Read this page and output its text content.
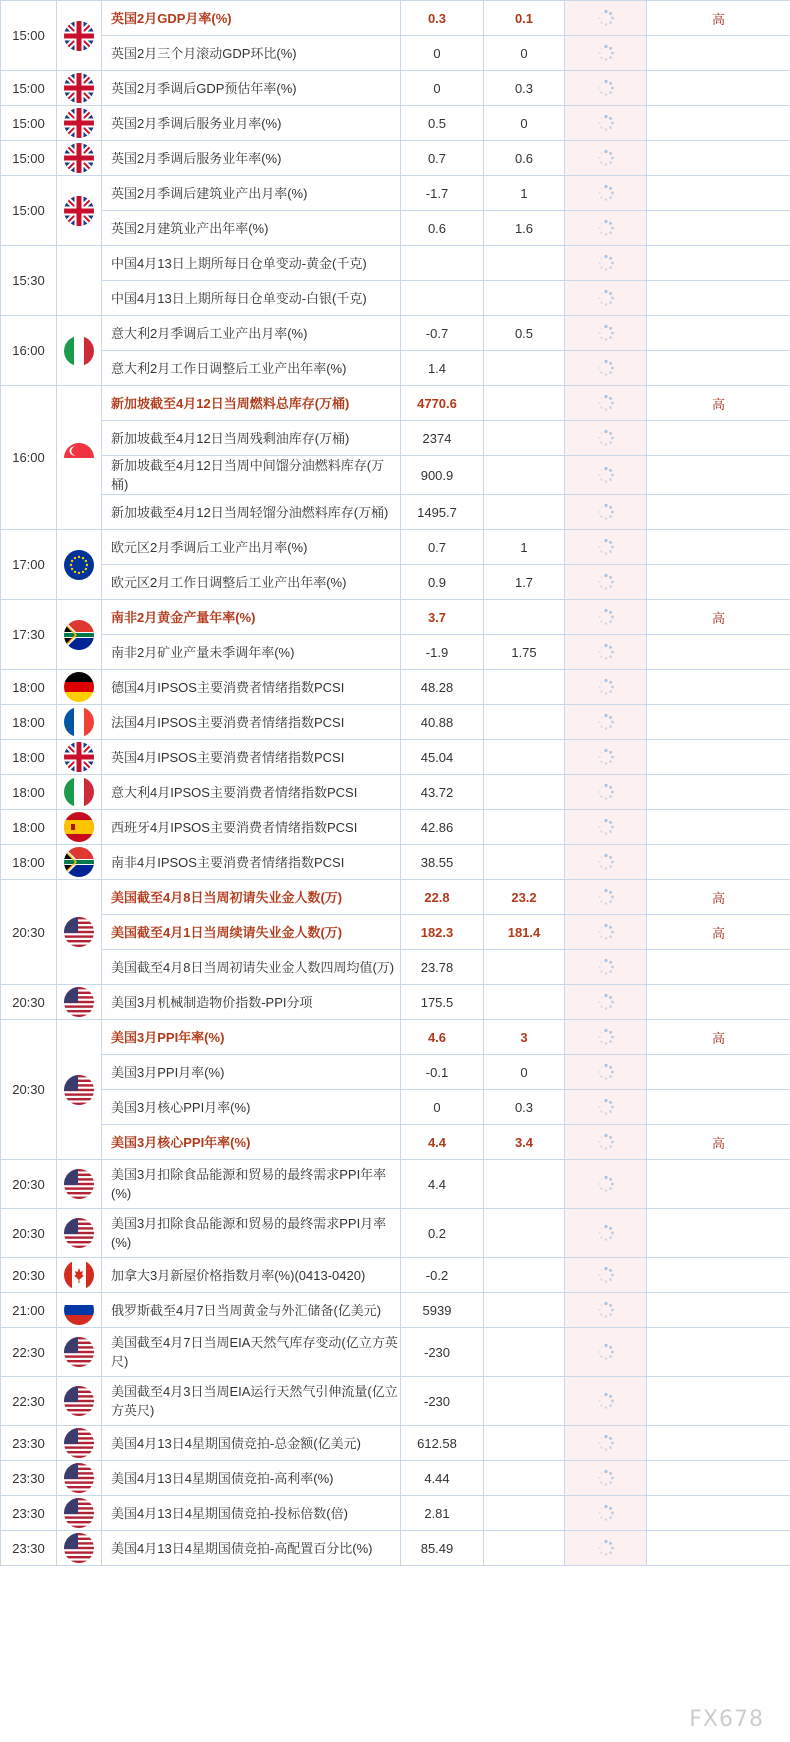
15:00		英国2月GDP月率(%)	0.3	0.1		高
		英国2月三个月滚动GDP环比(%)	0	0		
15:00		英国2月季调后GDP预估年率(%)	0	0.3		
15:00		英国2月季调后服务业月率(%)	0.5	0		
15:00		英国2月季调后服务业年率(%)	0.7	0.6		
15:00		英国2月季调后建筑业产出月率(%)	-1.7	1		
		英国2月建筑业产出年率(%)	0.6	1.6		
15:30		中国4月13日上期所每日仓单变动-黄金(千克)				
		中国4月13日上期所每日仓单变动-白银(千克)				
16:00		意大利2月季调后工业产出月率(%)	-0.7	0.5		
		意大利2月工作日调整后工业产出年率(%)	1.4			
16:00		新加坡截至4月12日当周燃料总库存(万桶)	4770.6			高
		新加坡截至4月12日当周残剩油库存(万桶)	2374			
		新加坡截至4月12日当周中间馏分油燃料库存(万桶)	900.9			
		新加坡截至4月12日当周轻馏分油燃料库存(万桶)	1495.7			
17:00		欧元区2月季调后工业产出月率(%)	0.7	1		
		欧元区2月工作日调整后工业产出年率(%)	0.9	1.7		
17:30		南非2月黄金产量年率(%)	3.7			高
		南非2月矿业产量未季调年率(%)	-1.9	1.75		
18:00		德国4月IPSOS主要消费者情绪指数PCSI	48.28			
18:00		法国4月IPSOS主要消费者情绪指数PCSI	40.88			
18:00		英国4月IPSOS主要消费者情绪指数PCSI	45.04			
18:00		意大利4月IPSOS主要消费者情绪指数PCSI	43.72			
18:00		西班牙4月IPSOS主要消费者情绪指数PCSI	42.86			
18:00		南非4月IPSOS主要消费者情绪指数PCSI	38.55			
20:30		美国截至4月8日当周初请失业金人数(万)	22.8	23.2		高
		美国截至4月1日当周续请失业金人数(万)	182.3	181.4		高
		美国截至4月8日当周初请失业金人数四周均值(万)	23.78			
20:30		美国3月机械制造物价指数-PPI分项	175.5			
20:30		美国3月PPI年率(%)	4.6	3		高
		美国3月PPI月率(%)	-0.1	0		
		美国3月核心PPI月率(%)	0	0.3		
		美国3月核心PPI年率(%)	4.4	3.4		高
20:30		美国3月扣除食品能源和贸易的最终需求PPI年率(%)	4.4			
20:30		美国3月扣除食品能源和贸易的最终需求PPI月率(%)	0.2			
20:30		加拿大3月新屋价格指数月率(%)(0413-0420)	-0.2			
21:00		俄罗斯截至4月7日当周黄金与外汇储备(亿美元)	5939			
22:30		美国截至4月7日当周EIA天然气库存变动(亿立方英尺)	-230			
22:30		美国截至4月3日当周EIA运行天然气引伸流量(亿立方英尺)	-230			
23:30		美国4月13日4星期国债竞拍-总金额(亿美元)	612.58			
23:30		美国4月13日4星期国债竞拍-高利率(%)	4.44			
23:30		美国4月13日4星期国债竞拍-投标倍数(倍)	2.81			
23:30		美国4月13日4星期国债竞拍-高配置百分比(%)	85.49			
FX678
